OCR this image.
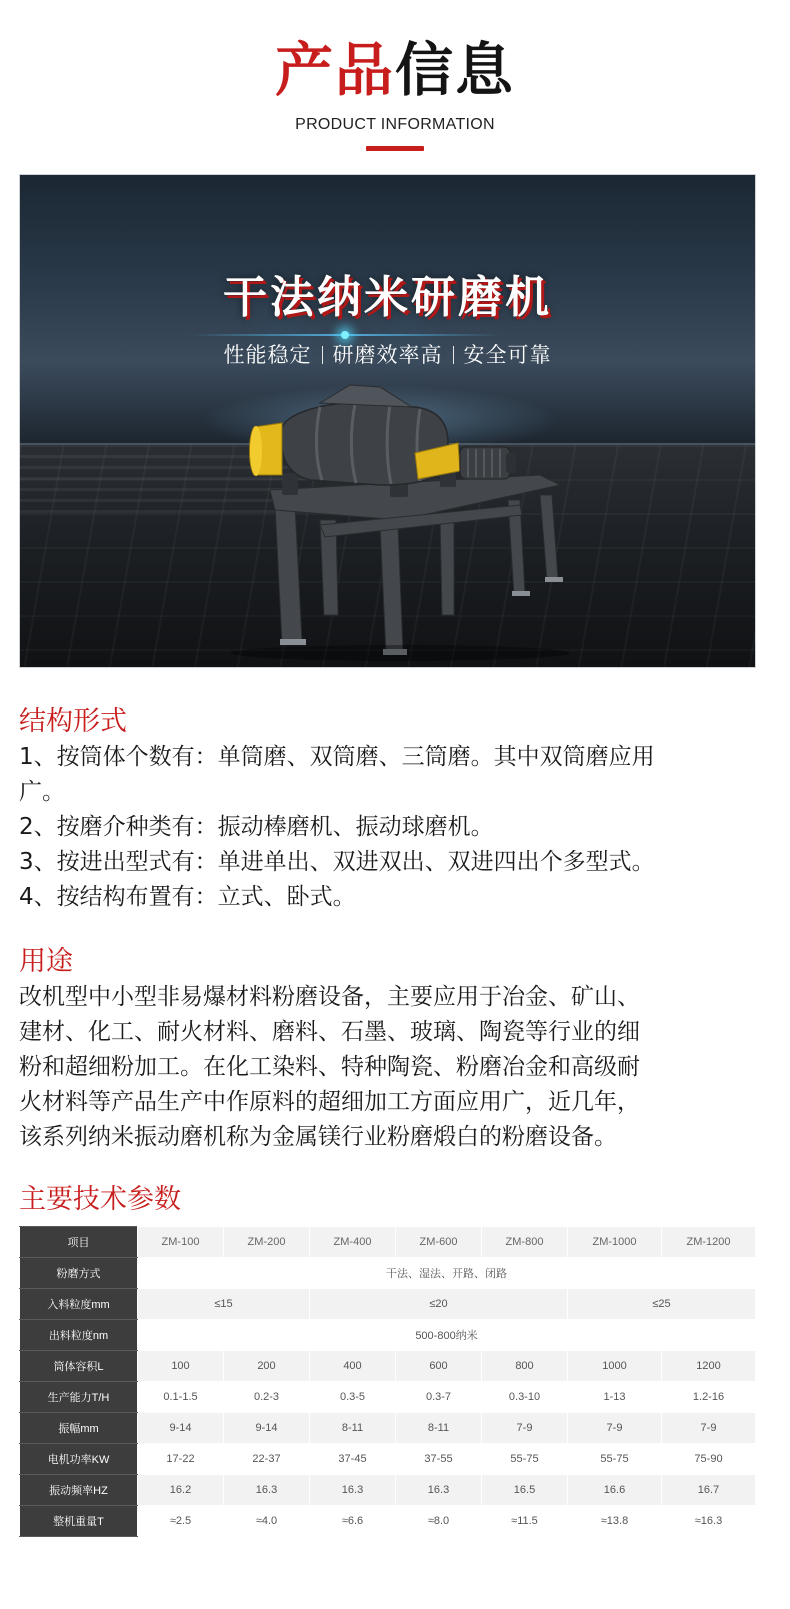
产品信息
PRODUCT INFORMATION
干法纳米研磨机
性能稳定 研磨效率高 安全可靠
结构形式

1、按筒体个数有：单筒磨、双筒磨、三筒磨。其中双筒磨应用

广。

2、按磨介种类有：振动棒磨机、振动球磨机。

3、按进出型式有：单进单出、双进双出、双进四出个多型式。

4、按结构布置有：立式、卧式。

用途

改机型中小型非易爆材料粉磨设备，主要应用于冶金、矿山、

建材、化工、耐火材料、磨料、石墨、玻璃、陶瓷等行业的细

粉和超细粉加工。在化工染料、特种陶瓷、粉磨冶金和高级耐

火材料等产品生产中作原料的超细加工方面应用广，近几年，

该系列纳米振动磨机称为金属镁行业粉磨煅白的粉磨设备。

主要技术参数
项目	ZM-100	ZM-200	ZM-400	ZM-600	ZM-800	ZM-1000	ZM-1200
粉磨方式	干法、湿法、开路、闭路						
入料粒度mm	≤15		≤20			≤25	
出料粒度nm	500-800纳米						
筒体容积L	100	200	400	600	800	1000	1200
生产能力T/H	0.1-1.5	0.2-3	0.3-5	0.3-7	0.3-10	1-13	1.2-16
振幅mm	9-14	9-14	8-11	8-11	7-9	7-9	7-9
电机功率KW	17-22	22-37	37-45	37-55	55-75	55-75	75-90
振动频率HZ	16.2	16.3	16.3	16.3	16.5	16.6	16.7
整机重量T	≈2.5	≈4.0	≈6.6	≈8.0	≈11.5	≈13.8	≈16.3
